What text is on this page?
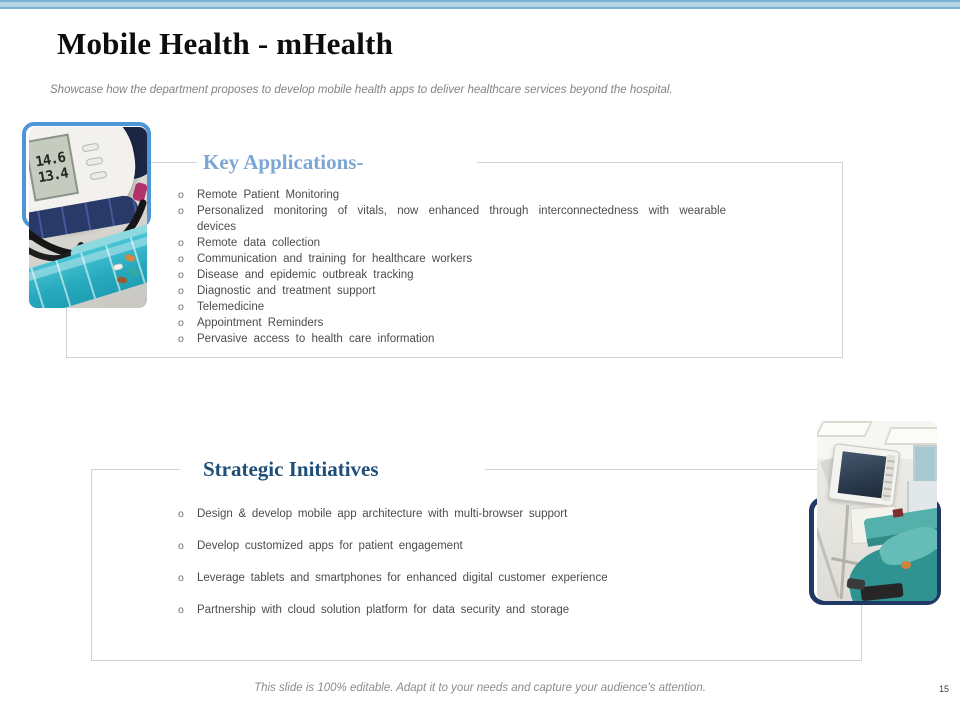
Mobile Health - mHealth

Showcase how the department proposes to develop mobile health apps to deliver healthcare services beyond the hospital.

Key Applications-
o	Remote Patient Monitoring
o	Personalized monitoring of vitals, now enhanced through interconnectedness with wearable devices
o	Remote data collection
o	Communication and training for healthcare workers
o	Disease and epidemic outbreak tracking
o	Diagnostic and treatment support
o	Telemedicine
o	Appointment Reminders
o	Pervasive access to health care information
Strategic Initiatives
o	Design & develop mobile app architecture with multi-browser support
o	Develop customized apps for patient engagement
o	Leverage tablets and smartphones for enhanced digital customer experience
o	Partnership with cloud solution platform for data security and storage
14.6
13.4

This slide is 100% editable. Adapt it to your needs and capture your audience's attention.	15
